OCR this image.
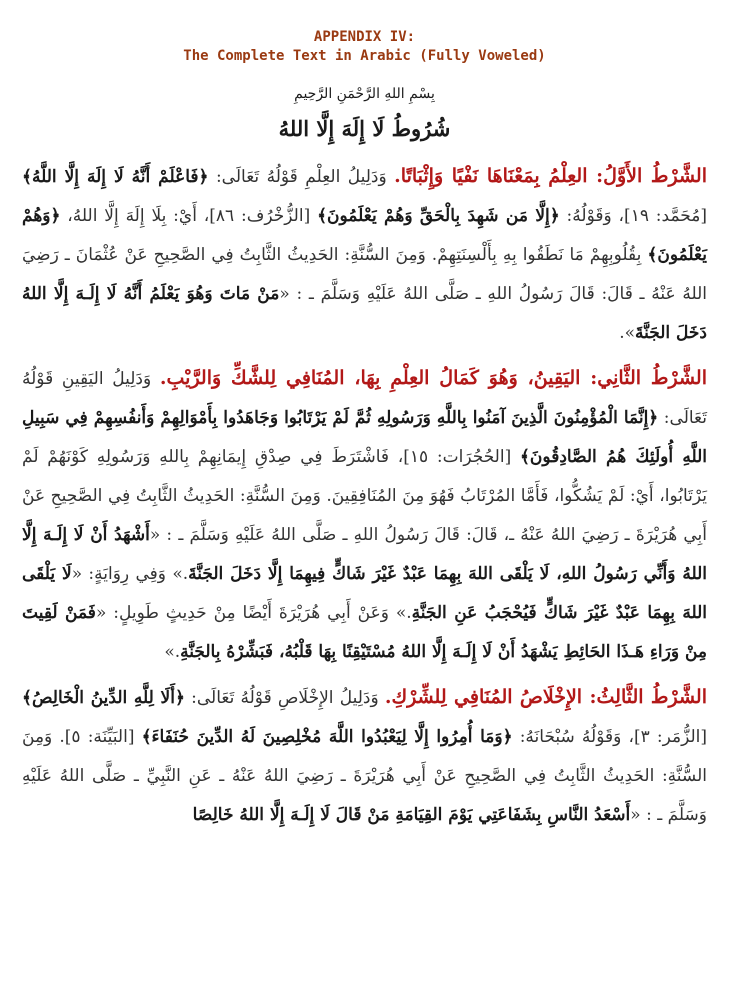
APPENDIX IV:
The Complete Text in Arabic (Fully Voweled)
بِسْمِ اللهِ الرَّحْمَنِ الرَّحِيمِ
شُرُوطُ لَا إِلَهَ إِلَّا اللهُ
الشَّرْطُ الأَوَّلُ: العِلْمُ بِمَعْنَاهَا نَفْيًا وَإِثْبَاتًا. وَدَلِيلُ العِلْمِ قَوْلُهُ تَعَالَى: ﴿فَاعْلَمْ أَنَّهُ لَا إِلَهَ إِلَّا اللَّهُ﴾ [مُحَمَّد: ١٩]، وَقَوْلُهُ: ﴿إِلَّا مَن شَهِدَ بِالْحَقِّ وَهُمْ يَعْلَمُونَ﴾ [الزُّخْرُف: ٨٦]، أَيْ: بِلَا إِلَهَ إِلَّا اللهُ، ﴿وَهُمْ يَعْلَمُونَ﴾ بِقُلُوبِهِمْ مَا نَطَقُوا بِهِ بِأَلْسِنَتِهِمْ. وَمِنَ السُّنَّةِ: الحَدِيثُ الثَّابِتُ فِي الصَّحِيحِ عَنْ عُثْمَانَ ـ رَضِيَ اللهُ عَنْهُ ـ قَالَ: قَالَ رَسُولُ اللهِ ـ صَلَّى اللهُ عَلَيْهِ وَسَلَّمَ ـ : «مَنْ مَاتَ وَهُوَ يَعْلَمُ أَنَّهُ لَا إِلَـهَ إِلَّا اللهُ دَخَلَ الجَنَّةَ».
الشَّرْطُ الثَّانِي: اليَقِينُ، وَهُوَ كَمَالُ العِلْمِ بِهَا، المُنَافِي لِلشَّكِّ وَالرَّيْبِ. وَدَلِيلُ اليَقِينِ قَوْلُهُ تَعَالَى: ﴿إِنَّمَا الْمُؤْمِنُونَ الَّذِينَ آمَنُوا بِاللَّهِ وَرَسُولِهِ ثُمَّ لَمْ يَرْتَابُوا وَجَاهَدُوا بِأَمْوَالِهِمْ وَأَنفُسِهِمْ فِي سَبِيلِ اللَّهِ أُولَئِكَ هُمُ الصَّادِقُونَ﴾ [الحُجُرَات: ١٥]، فَاشْتَرَطَ فِي صِدْقِ إِيمَانِهِمْ بِاللهِ وَرَسُولِهِ كَوْنَهُمْ لَمْ يَرْتَابُوا، أَيْ: لَمْ يَشُكُّوا، فَأَمَّا المُرْتَابُ فَهُوَ مِنَ المُنَافِقِينَ. وَمِنَ السُّنَّةِ: الحَدِيثُ الثَّابِتُ فِي الصَّحِيحِ عَنْ أَبِي هُرَيْرَةَ ـ رَضِيَ اللهُ عَنْهُ ـ، قَالَ: قَالَ رَسُولُ اللهِ ـ صَلَّى اللهُ عَلَيْهِ وَسَلَّمَ ـ : «أَشْهَدُ أَنْ لَا إِلَـهَ إِلَّا اللهُ وَأَنِّي رَسُولُ اللهِ، لَا يَلْقَى اللهَ بِهِمَا عَبْدٌ غَيْرَ شَاكٍّ فِيهِمَا إِلَّا دَخَلَ الجَنَّةَ.» وَفِي رِوَايَةٍ: «لَا يَلْقَى اللهَ بِهِمَا عَبْدٌ غَيْرَ شَاكٍّ فَيُحْجَبُ عَنِ الجَنَّةِ.» وَعَنْ أَبِي هُرَيْرَةَ أَيْضًا مِنْ حَدِيثٍ طَوِيلٍ: «فَمَنْ لَقِيتَ مِنْ وَرَاءِ هَـذَا الحَائِطِ يَشْهَدُ أَنْ لَا إِلَـهَ إِلَّا اللهُ مُسْتَيْقِنًا بِهَا قَلْبُهُ، فَبَشِّرْهُ بِالجَنَّةِ.»
الشَّرْطُ الثَّالِثُ: الإِخْلَاصُ المُنَافِي لِلشِّرْكِ. وَدَلِيلُ الإِخْلَاصِ قَوْلُهُ تَعَالَى: ﴿أَلَا لِلَّهِ الدِّينُ الْخَالِصُ﴾ [الزُّمَر: ٣]، وَقَوْلُهُ سُبْحَانَهُ: ﴿وَمَا أُمِرُوا إِلَّا لِيَعْبُدُوا اللَّهَ مُخْلِصِينَ لَهُ الدِّينَ حُنَفَاءَ﴾ [البَيِّنَة: ٥]. وَمِنَ السُّنَّةِ: الحَدِيثُ الثَّابِتُ فِي الصَّحِيحِ عَنْ أَبِي هُرَيْرَةَ ـ رَضِيَ اللهُ عَنْهُ ـ عَنِ النَّبِيِّ ـ صَلَّى اللهُ عَلَيْهِ وَسَلَّمَ ـ : «أَسْعَدُ النَّاسِ بِشَفَاعَتِي يَوْمَ القِيَامَةِ مَنْ قَالَ لَا إِلَـهَ إِلَّا اللهُ خَالِصًا
